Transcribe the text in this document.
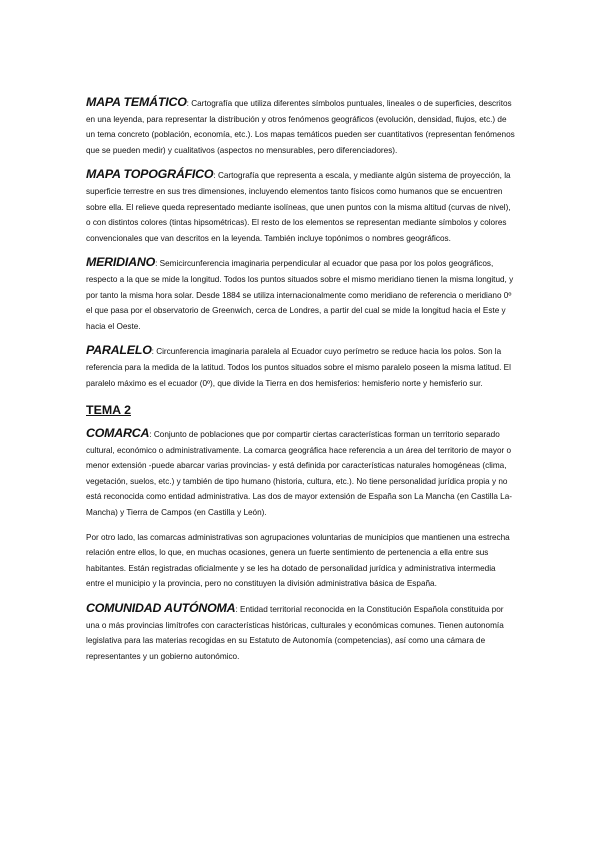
MAPA TEMÁTICO: Cartografía que utiliza diferentes símbolos puntuales, lineales o de superficies, descritos en una leyenda, para representar la distribución y otros fenómenos geográficos (evolución, densidad, flujos, etc.) de un tema concreto (población, economía, etc.). Los mapas temáticos pueden ser cuantitativos (representan fenómenos que se pueden medir) y cualitativos (aspectos no mensurables, pero diferenciadores).

MAPA TOPOGRÁFICO: Cartografía que representa a escala, y mediante algún sistema de proyección, la superficie terrestre en sus tres dimensiones, incluyendo elementos tanto físicos como humanos que se encuentren sobre ella. El relieve queda representado mediante isolíneas, que unen puntos con la misma altitud (curvas de nivel), o con distintos colores (tintas hipsométricas). El resto de los elementos se representan mediante símbolos y colores convencionales que van descritos en la leyenda. También incluye topónimos o nombres geográficos.

MERIDIANO: Semicircunferencia imaginaria perpendicular al ecuador que pasa por los polos geográficos, respecto a la que se mide la longitud. Todos los puntos situados sobre el mismo meridiano tienen la misma longitud, y por tanto la misma hora solar. Desde 1884 se utiliza internacionalmente como meridiano de referencia o meridiano 0º el que pasa por el observatorio de Greenwich, cerca de Londres, a partir del cual se mide la longitud hacia el Este y hacia el Oeste.

PARALELO: Circunferencia imaginaria paralela al Ecuador cuyo perímetro se reduce hacia los polos. Son la referencia para la medida de la latitud. Todos los puntos situados sobre el mismo paralelo poseen la misma latitud. El paralelo máximo es el ecuador (0º), que divide la Tierra en dos hemisferios: hemisferio norte y hemisferio sur.

TEMA 2

COMARCA: Conjunto de poblaciones que por compartir ciertas características forman un territorio separado cultural, económico o administrativamente. La comarca geográfica hace referencia a un área del territorio de mayor o menor extensión -puede abarcar varias provincias- y está definida por características naturales homogéneas (clima, vegetación, suelos, etc.) y también de tipo humano (historia, cultura, etc.). No tiene personalidad jurídica propia y no está reconocida como entidad administrativa. Las dos de mayor extensión de España son La Mancha (en Castilla La-Mancha) y Tierra de Campos (en Castilla y León).

Por otro lado, las comarcas administrativas son agrupaciones voluntarias de municipios que mantienen una estrecha relación entre ellos, lo que, en muchas ocasiones, genera un fuerte sentimiento de pertenencia a ella entre sus habitantes. Están registradas oficialmente y se les ha dotado de personalidad jurídica y administrativa intermedia entre el municipio y la provincia, pero no constituyen la división administrativa básica de España.

COMUNIDAD AUTÓNOMA: Entidad territorial reconocida en la Constitución Española constituida por una o más provincias limítrofes con características históricas, culturales y económicas comunes. Tienen autonomía legislativa para las materias recogidas en su Estatuto de Autonomía (competencias), así como una cámara de representantes y un gobierno autonómico.
